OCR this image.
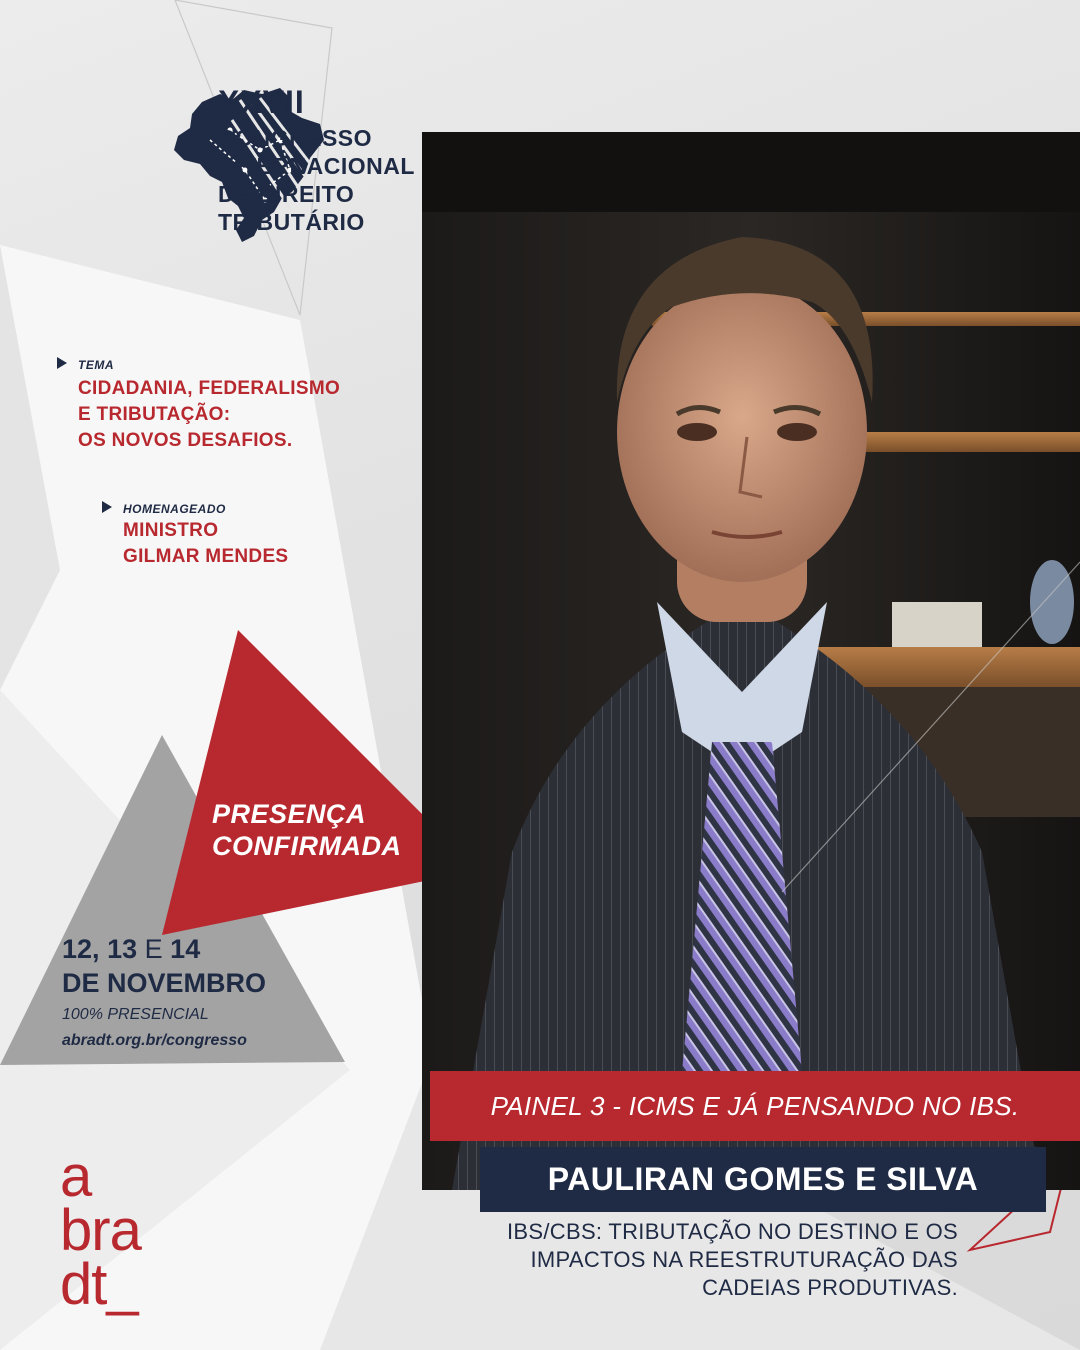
XXVII
CONGRESSO
INTERNACIONAL
DE DIREITO
TRIBUTÁRIO
TEMA
CIDADANIA, FEDERALISMO
E TRIBUTAÇÃO:
OS NOVOS DESAFIOS.
HOMENAGEADO
MINISTRO
GILMAR MENDES
PRESENÇA
CONFIRMADA
12, 13 E 14
DE NOVEMBRO
100% PRESENCIAL
abradt.org.br/congresso
a
bra
dt_
PAINEL 3 - ICMS E JÁ PENSANDO NO IBS.
PAULIRAN GOMES E SILVA
IBS/CBS: TRIBUTAÇÃO NO DESTINO E OS
IMPACTOS NA REESTRUTURAÇÃO DAS
CADEIAS PRODUTIVAS.
